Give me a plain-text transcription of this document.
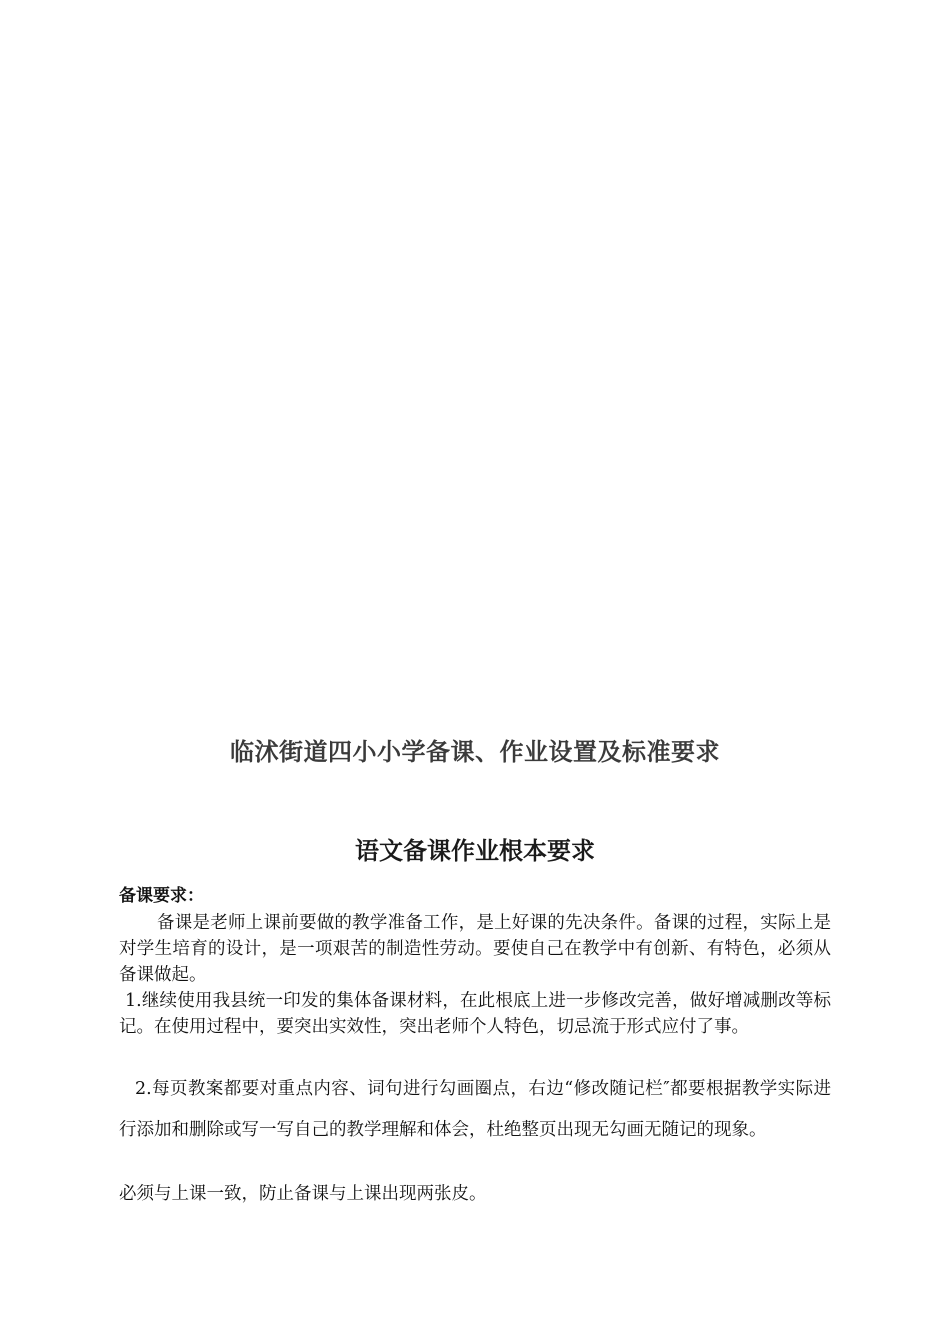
临沭街道四小小学备课、作业设置及标准要求
语文备课作业根本要求
备课要求：
备课是老师上课前要做的教学准备工作，是上好课的先决条件。备课的过程，实际上是对学生培育的设计，是一项艰苦的制造性劳动。要使自己在教学中有创新、有特色，必须从备课做起。
1.继续使用我县统一印发的集体备课材料，在此根底上进一步修改完善，做好增减删改等标记。在使用过程中，要突出实效性，突出老师个人特色，切忌流于形式应付了事。
2.每页教案都要对重点内容、词句进行勾画圈点，右边“修改随记栏″都要根据教学实际进行添加和删除或写一写自己的教学理解和体会，杜绝整页出现无勾画无随记的现象。
必须与上课一致，防止备课与上课出现两张皮。
